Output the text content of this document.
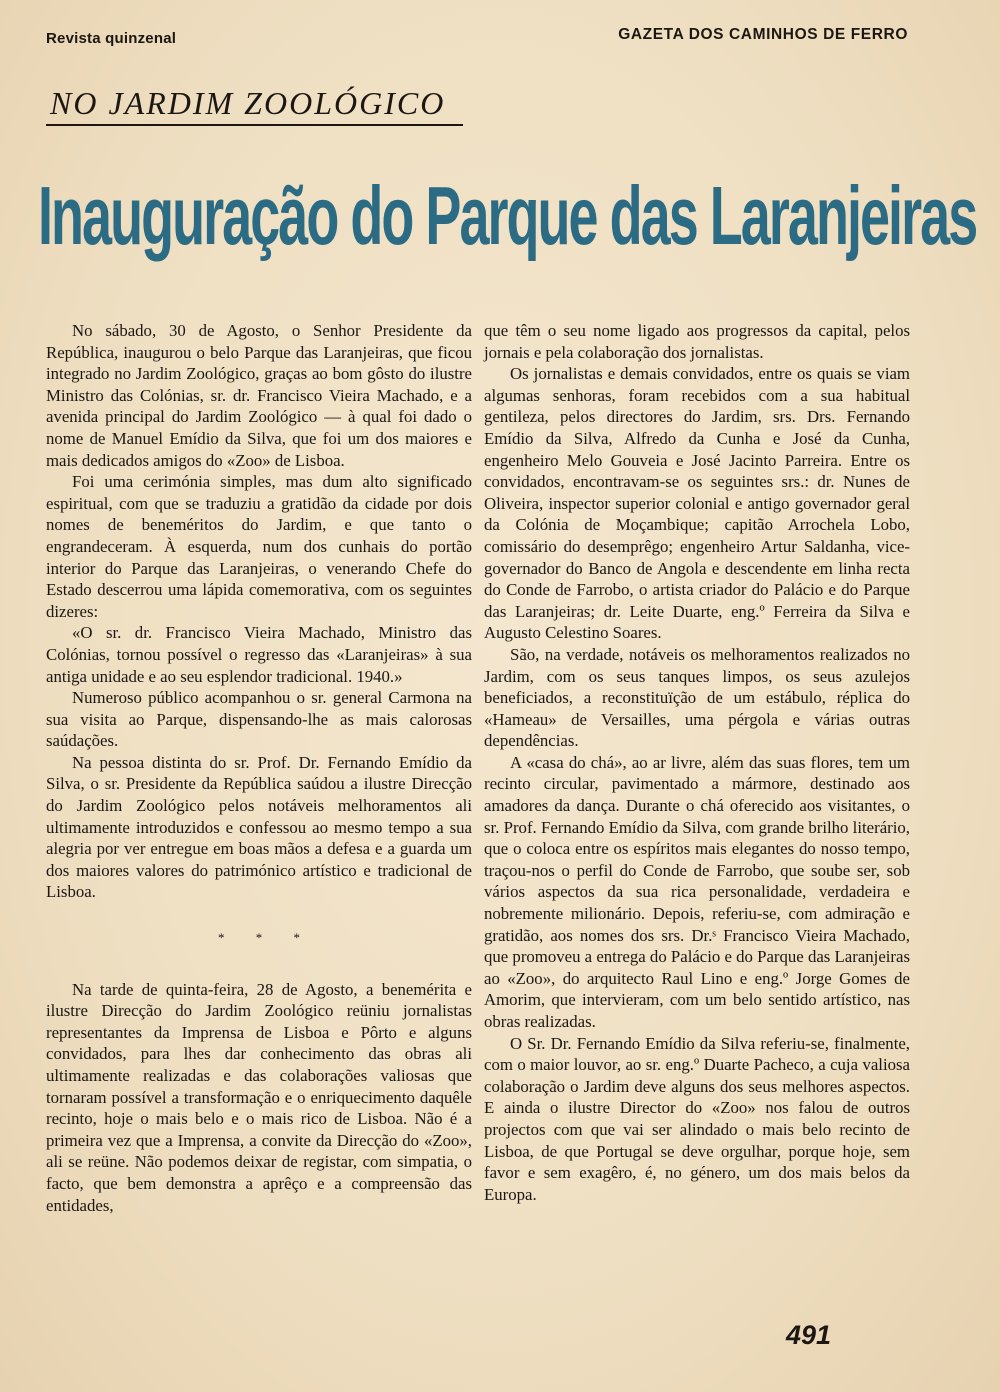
Revista quinzenal	GAZETA DOS CAMINHOS DE FERRO
NO JARDIM ZOOLÓGICO
Inauguração do Parque das Laranjeiras

No sábado, 30 de Agosto, o Senhor Presidente da República, inaugurou o belo Parque das Laranjeiras, que ficou integrado no Jardim Zoológico, graças ao bom gôsto do ilustre Ministro das Colónias, sr. dr. Francisco Vieira Machado, e a avenida principal do Jardim Zoológico — à qual foi dado o nome de Manuel Emídio da Silva, que foi um dos maiores e mais dedicados amigos do «Zoo» de Lisboa.

Foi uma cerimónia simples, mas dum alto significado espiritual, com que se traduziu a gratidão da cidade por dois nomes de beneméritos do Jardim, e que tanto o engrandeceram. À esquerda, num dos cunhais do portão interior do Parque das Laranjeiras, o venerando Chefe do Estado descerrou uma lápida comemorativa, com os seguintes dizeres:

«O sr. dr. Francisco Vieira Machado, Ministro das Colónias, tornou possível o regresso das «Laranjeiras» à sua antiga unidade e ao seu esplendor tradicional. 1940.»

Numeroso público acompanhou o sr. general Carmona na sua visita ao Parque, dispensando-lhe as mais calorosas saúdações.

Na pessoa distinta do sr. Prof. Dr. Fernando Emídio da Silva, o sr. Presidente da República saúdou a ilustre Direcção do Jardim Zoológico pelos notáveis melhoramentos ali ultimamente introduzidos e confessou ao mesmo tempo a sua alegria por ver entregue em boas mãos a defesa e a guarda um dos maiores valores do patrimónico artístico e tradicional de Lisboa.

* * *

Na tarde de quinta-feira, 28 de Agosto, a benemérita e ilustre Direcção do Jardim Zoológico reüniu jornalistas representantes da Imprensa de Lisboa e Pôrto e alguns convidados, para lhes dar conhecimento das obras ali ultimamente realizadas e das colaborações valiosas que tornaram possível a transformação e o enriquecimento daquêle recinto, hoje o mais belo e o mais rico de Lisboa. Não é a primeira vez que a Imprensa, a convite da Direcção do «Zoo», ali se reüne. Não podemos deixar de registar, com simpatia, o facto, que bem demonstra a aprêço e a compreensão das entidades,

que têm o seu nome ligado aos progressos da capital, pelos jornais e pela colaboração dos jornalistas.

Os jornalistas e demais convidados, entre os quais se viam algumas senhoras, foram recebidos com a sua habitual gentileza, pelos directores do Jardim, srs. Drs. Fernando Emídio da Silva, Alfredo da Cunha e José da Cunha, engenheiro Melo Gouveia e José Jacinto Parreira. Entre os convidados, encontravam-se os seguintes srs.: dr. Nunes de Oliveira, inspector superior colonial e antigo governador geral da Colónia de Moçambique; capitão Arrochela Lobo, comissário do desemprêgo; engenheiro Artur Saldanha, vice-governador do Banco de Angola e descendente em linha recta do Conde de Farrobo, o artista criador do Palácio e do Parque das Laranjeiras; dr. Leite Duarte, eng.º Ferreira da Silva e Augusto Celestino Soares.

São, na verdade, notáveis os melhoramentos realizados no Jardim, com os seus tanques limpos, os seus azulejos beneficiados, a reconstituïção de um estábulo, réplica do «Hameau» de Versailles, uma pérgola e várias outras dependências.

A «casa do chá», ao ar livre, além das suas flores, tem um recinto circular, pavimentado a mármore, destinado aos amadores da dança. Durante o chá oferecido aos visitantes, o sr. Prof. Fernando Emídio da Silva, com grande brilho literário, que o coloca entre os espíritos mais elegantes do nosso tempo, traçou-nos o perfil do Conde de Farrobo, que soube ser, sob vários aspectos da sua rica personalidade, verdadeira e nobremente milionário. Depois, referiu-se, com admiração e gratidão, aos nomes dos srs. Dr.ˢ Francisco Vieira Machado, que promoveu a entrega do Palácio e do Parque das Laranjeiras ao «Zoo», do arquitecto Raul Lino e eng.º Jorge Gomes de Amorim, que intervieram, com um belo sentido artístico, nas obras realizadas.

O Sr. Dr. Fernando Emídio da Silva referiu-se, finalmente, com o maior louvor, ao sr. eng.º Duarte Pacheco, a cuja valiosa colaboração o Jardim deve alguns dos seus melhores aspectos. E ainda o ilustre Director do «Zoo» nos falou de outros projectos com que vai ser alindado o mais belo recinto de Lisboa, de que Portugal se deve orgulhar, porque hoje, sem favor e sem exagêro, é, no género, um dos mais belos da Europa.

491
